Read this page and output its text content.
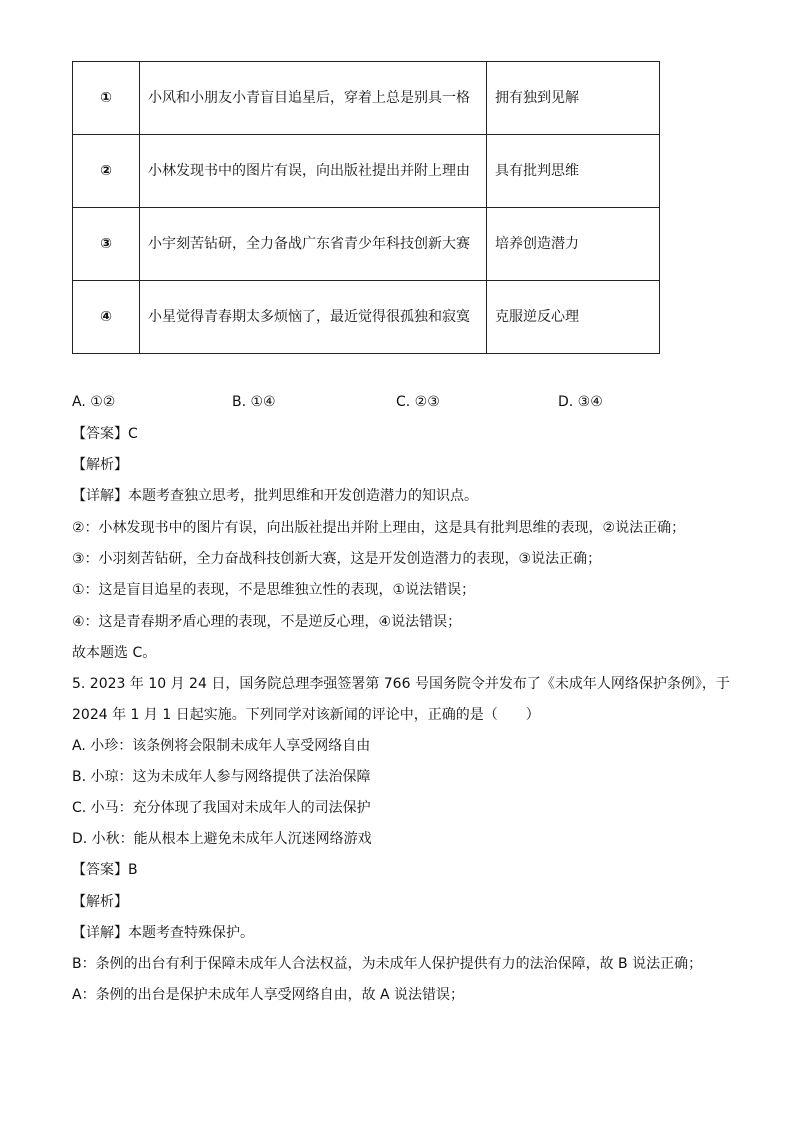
①	小风和小朋友小青盲目追星后，穿着上总是别具一格	拥有独到见解
②	小林发现书中的图片有误，向出版社提出并附上理由	具有批判思维
③	小宇刻苦钻研，全力备战广东省青少年科技创新大赛	培养创造潜力
④	小星觉得青春期太多烦恼了，最近觉得很孤独和寂寞	克服逆反心理
A. ①②	B. ①④	C. ②③	D. ③④
【答案】C
【解析】
【详解】本题考查独立思考，批判思维和开发创造潜力的知识点。
②：小林发现书中的图片有误，向出版社提出并附上理由，这是具有批判思维的表现，②说法正确；
③：小羽刻苦钻研，全力奋战科技创新大赛，这是开发创造潜力的表现，③说法正确；
①：这是盲目追星的表现，不是思维独立性的表现，①说法错误；
④：这是青春期矛盾心理的表现，不是逆反心理，④说法错误；
故本题选 C。
5. 2023 年 10 月 24 日，国务院总理李强签署第 766 号国务院令并发布了《未成年人网络保护条例》，于
2024 年 1 月 1 日起实施。下列同学对该新闻的评论中，正确的是（　　）
A. 小珍：该条例将会限制未成年人享受网络自由
B. 小琼：这为未成年人参与网络提供了法治保障
C. 小马：充分体现了我国对未成年人的司法保护
D. 小秋：能从根本上避免未成年人沉迷网络游戏
【答案】B
【解析】
【详解】本题考查特殊保护。
B：条例的出台有利于保障未成年人合法权益，为未成年人保护提供有力的法治保障，故 B 说法正确；
A：条例的出台是保护未成年人享受网络自由，故 A 说法错误；
